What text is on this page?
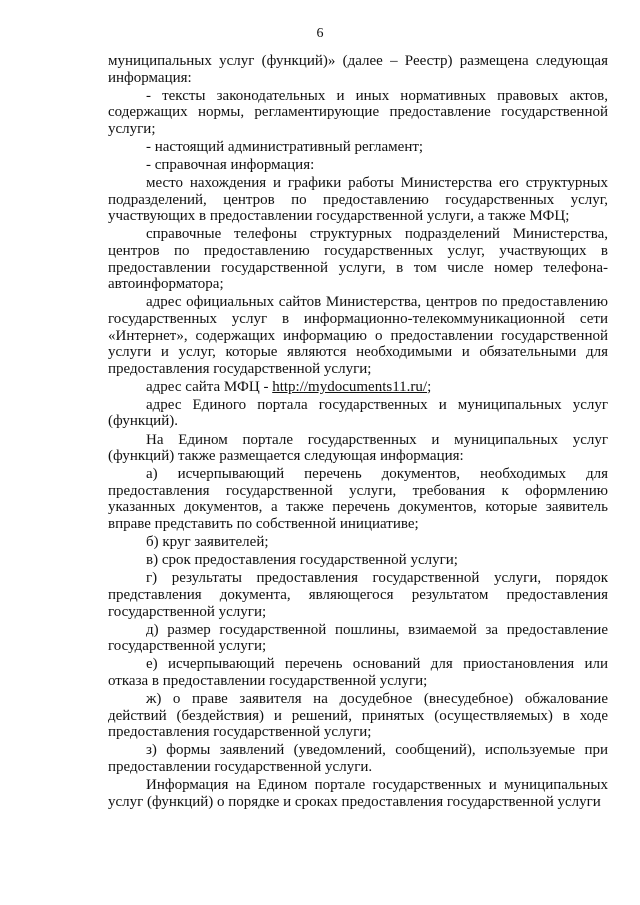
6

муниципальных услуг (функций)» (далее – Реестр) размещена следующая информация:

- тексты законодательных и иных нормативных правовых актов, содержащих нормы, регламентирующие предоставление государственной услуги;

- настоящий административный регламент;

- справочная информация:

место нахождения и графики работы Министерства его структурных подразделений, центров по предоставлению государственных услуг, участвующих в предоставлении государственной услуги, а также МФЦ;

справочные телефоны структурных подразделений Министерства, центров по предоставлению государственных услуг, участвующих в предоставлении государственной услуги, в том числе номер телефона-автоинформатора;

адрес официальных сайтов Министерства, центров по предоставлению государственных услуг в информационно-телекоммуникационной сети «Интернет», содержащих информацию о предоставлении государственной услуги и услуг, которые являются необходимыми и обязательными для предоставления государственной услуги;

адрес сайта МФЦ - http://mydocuments11.ru/;

адрес Единого портала государственных и муниципальных услуг (функций).

На Едином портале государственных и муниципальных услуг (функций) также размещается следующая информация:

а) исчерпывающий перечень документов, необходимых для предоставления государственной услуги, требования к оформлению указанных документов, а также перечень документов, которые заявитель вправе представить по собственной инициативе;

б) круг заявителей;

в) срок предоставления государственной услуги;

г) результаты предоставления государственной услуги, порядок представления документа, являющегося результатом предоставления государственной услуги;

д) размер государственной пошлины, взимаемой за предоставление государственной услуги;

е) исчерпывающий перечень оснований для приостановления или отказа в предоставлении государственной услуги;

ж) о праве заявителя на досудебное (внесудебное) обжалование действий (бездействия) и решений, принятых (осуществляемых) в ходе предоставления государственной услуги;

з) формы заявлений (уведомлений, сообщений), используемые при предоставлении государственной услуги.

Информация на Едином портале государственных и муниципальных услуг (функций) о порядке и сроках предоставления государственной услуги
